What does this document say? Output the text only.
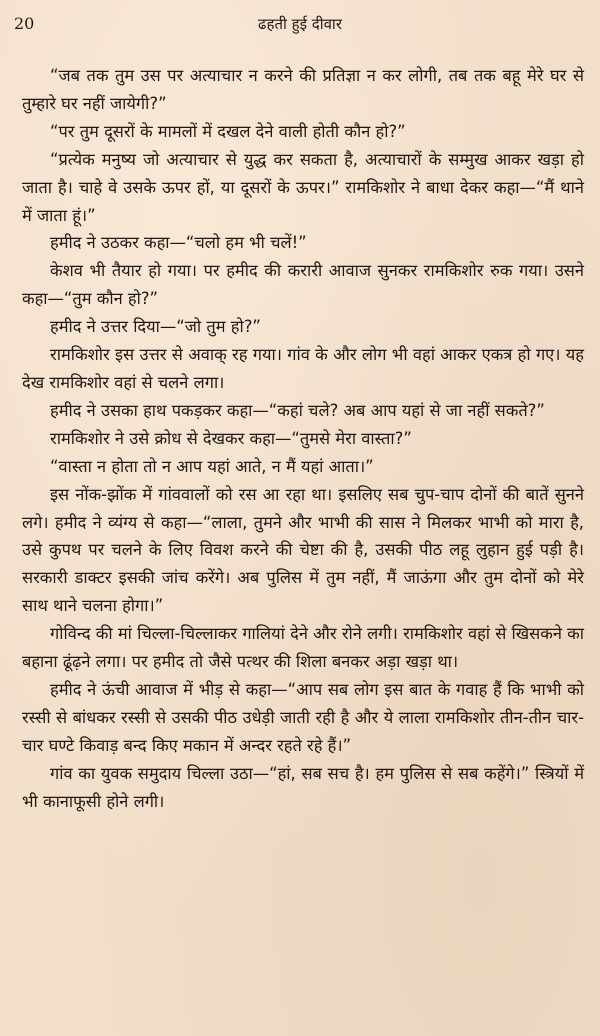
20	ढहती हुई दीवार

“जब तक तुम उस पर अत्याचार न करने की प्रतिज्ञा न कर लोगी, तब तक बहू मेरे घर से तुम्हारे घर नहीं जायेगी?”

“पर तुम दूसरों के मामलों में दखल देने वाली होती कौन हो?”

“प्रत्येक मनुष्य जो अत्याचार से युद्ध कर सकता है, अत्याचारों के सम्मुख आकर खड़ा हो जाता है। चाहे वे उसके ऊपर हों, या दूसरों के ऊपर।” रामकिशोर ने बाधा देकर कहा—“मैं थाने में जाता हूं।”

हमीद ने उठकर कहा—“चलो हम भी चलें!”

केशव भी तैयार हो गया। पर हमीद की करारी आवाज सुनकर रामकिशोर रुक गया। उसने कहा—“तुम कौन हो?”

हमीद ने उत्तर दिया—“जो तुम हो?”

रामकिशोर इस उत्तर से अवाक् रह गया। गांव के और लोग भी वहां आकर एकत्र हो गए। यह देख रामकिशोर वहां से चलने लगा।

हमीद ने उसका हाथ पकड़कर कहा—“कहां चले? अब आप यहां से जा नहीं सकते?”

रामकिशोर ने उसे क्रोध से देखकर कहा—“तुमसे मेरा वास्ता?”

“वास्ता न होता तो न आप यहां आते, न मैं यहां आता।”

इस नोंक-झोंक में गांववालों को रस आ रहा था। इसलिए सब चुप-चाप दोनों की बातें सुनने लगे। हमीद ने व्यंग्य से कहा—“लाला, तुमने और भाभी की सास ने मिलकर भाभी को मारा है, उसे कुपथ पर चलने के लिए विवश करने की चेष्टा की है, उसकी पीठ लहू लुहान हुई पड़ी है। सरकारी डाक्टर इसकी जांच करेंगे। अब पुलिस में तुम नहीं, मैं जाऊंगा और तुम दोनों को मेरे साथ थाने चलना होगा।”

गोविन्द की मां चिल्ला-चिल्लाकर गालियां देने और रोने लगी। रामकिशोर वहां से खिसकने का बहाना ढूंढ़ने लगा। पर हमीद तो जैसे पत्थर की शिला बनकर अड़ा खड़ा था।

हमीद ने ऊंची आवाज में भीड़ से कहा—“आप सब लोग इस बात के गवाह हैं कि भाभी को रस्सी से बांधकर रस्सी से उसकी पीठ उधेड़ी जाती रही है और ये लाला रामकिशोर तीन-तीन चार-चार घण्टे किवाड़ बन्द किए मकान में अन्दर रहते रहे हैं।”

गांव का युवक समुदाय चिल्ला उठा—“हां, सब सच है। हम पुलिस से सब कहेंगे।” स्त्रियों में भी कानाफूसी होने लगी।
